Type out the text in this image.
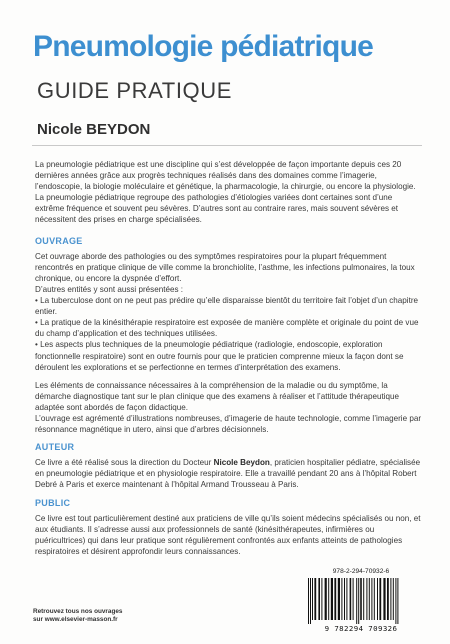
Pneumologie pédiatrique
GUIDE PRATIQUE
Nicole BEYDON

La pneumologie pédiatrique est une discipline qui s’est développée de façon importante depuis ces 20 dernières années grâce aux progrès techniques réalisés dans des domaines comme l’imagerie, l’endoscopie, la biologie moléculaire et génétique, la pharmacologie, la chirurgie, ou encore la physiologie.

La pneumologie pédiatrique regroupe des pathologies d’étiologies variées dont certaines sont d’une extrême fréquence et souvent peu sévères. D’autres sont au contraire rares, mais souvent sévères et nécessitent des prises en charge spécialisées.

OUVRAGE

Cet ouvrage aborde des pathologies ou des symptômes respiratoires pour la plupart fréquemment rencontrés en pratique clinique de ville comme la bronchiolite, l’asthme, les infections pulmonaires, la toux chronique, ou encore la dyspnée d’effort.

D’autres entités y sont aussi présentées :

• La tuberculose dont on ne peut pas prédire qu’elle disparaisse bientôt du territoire fait l’objet d’un chapitre entier.

• La pratique de la kinésithérapie respiratoire est exposée de manière complète et originale du point de vue du champ d’application et des techniques utilisées.

• Les aspects plus techniques de la pneumologie pédiatrique (radiologie, endoscopie, exploration fonctionnelle respiratoire) sont en outre fournis pour que le praticien comprenne mieux la façon dont se déroulent les explorations et se perfectionne en termes d’interprétation des examens.

Les éléments de connaissance nécessaires à la compréhension de la maladie ou du symptôme, la démarche diagnostique tant sur le plan clinique que des examens à réaliser et l’attitude thérapeutique adaptée sont abordés de façon didactique.

L’ouvrage est agrémenté d’illustrations nombreuses, d’imagerie de haute technologie, comme l’imagerie par résonnance magnétique in utero, ainsi que d’arbres décisionnels.

AUTEUR

Ce livre a été réalisé sous la direction du Docteur Nicole Beydon, praticien hospitalier pédiatre, spécialisée en pneumologie pédiatrique et en physiologie respiratoire. Elle a travaillé pendant 20 ans à l’hôpital Robert Debré à Paris et exerce maintenant à l’hôpital Armand Trousseau à Paris.

PUBLIC

Ce livre est tout particulièrement destiné aux praticiens de ville qu’ils soient médecins spécialisés ou non, et aux étudiants. Il s’adresse aussi aux professionnels de santé (kinésithérapeutes, infirmières ou puéricultrices) qui dans leur pratique sont régulièrement confrontés aux enfants atteints de pathologies respiratoires et désirent approfondir leurs connaissances.

Retrouvez tous nos ouvrages
sur www.elsevier-masson.fr
978-2-294-70932-6
9 782294 709326
